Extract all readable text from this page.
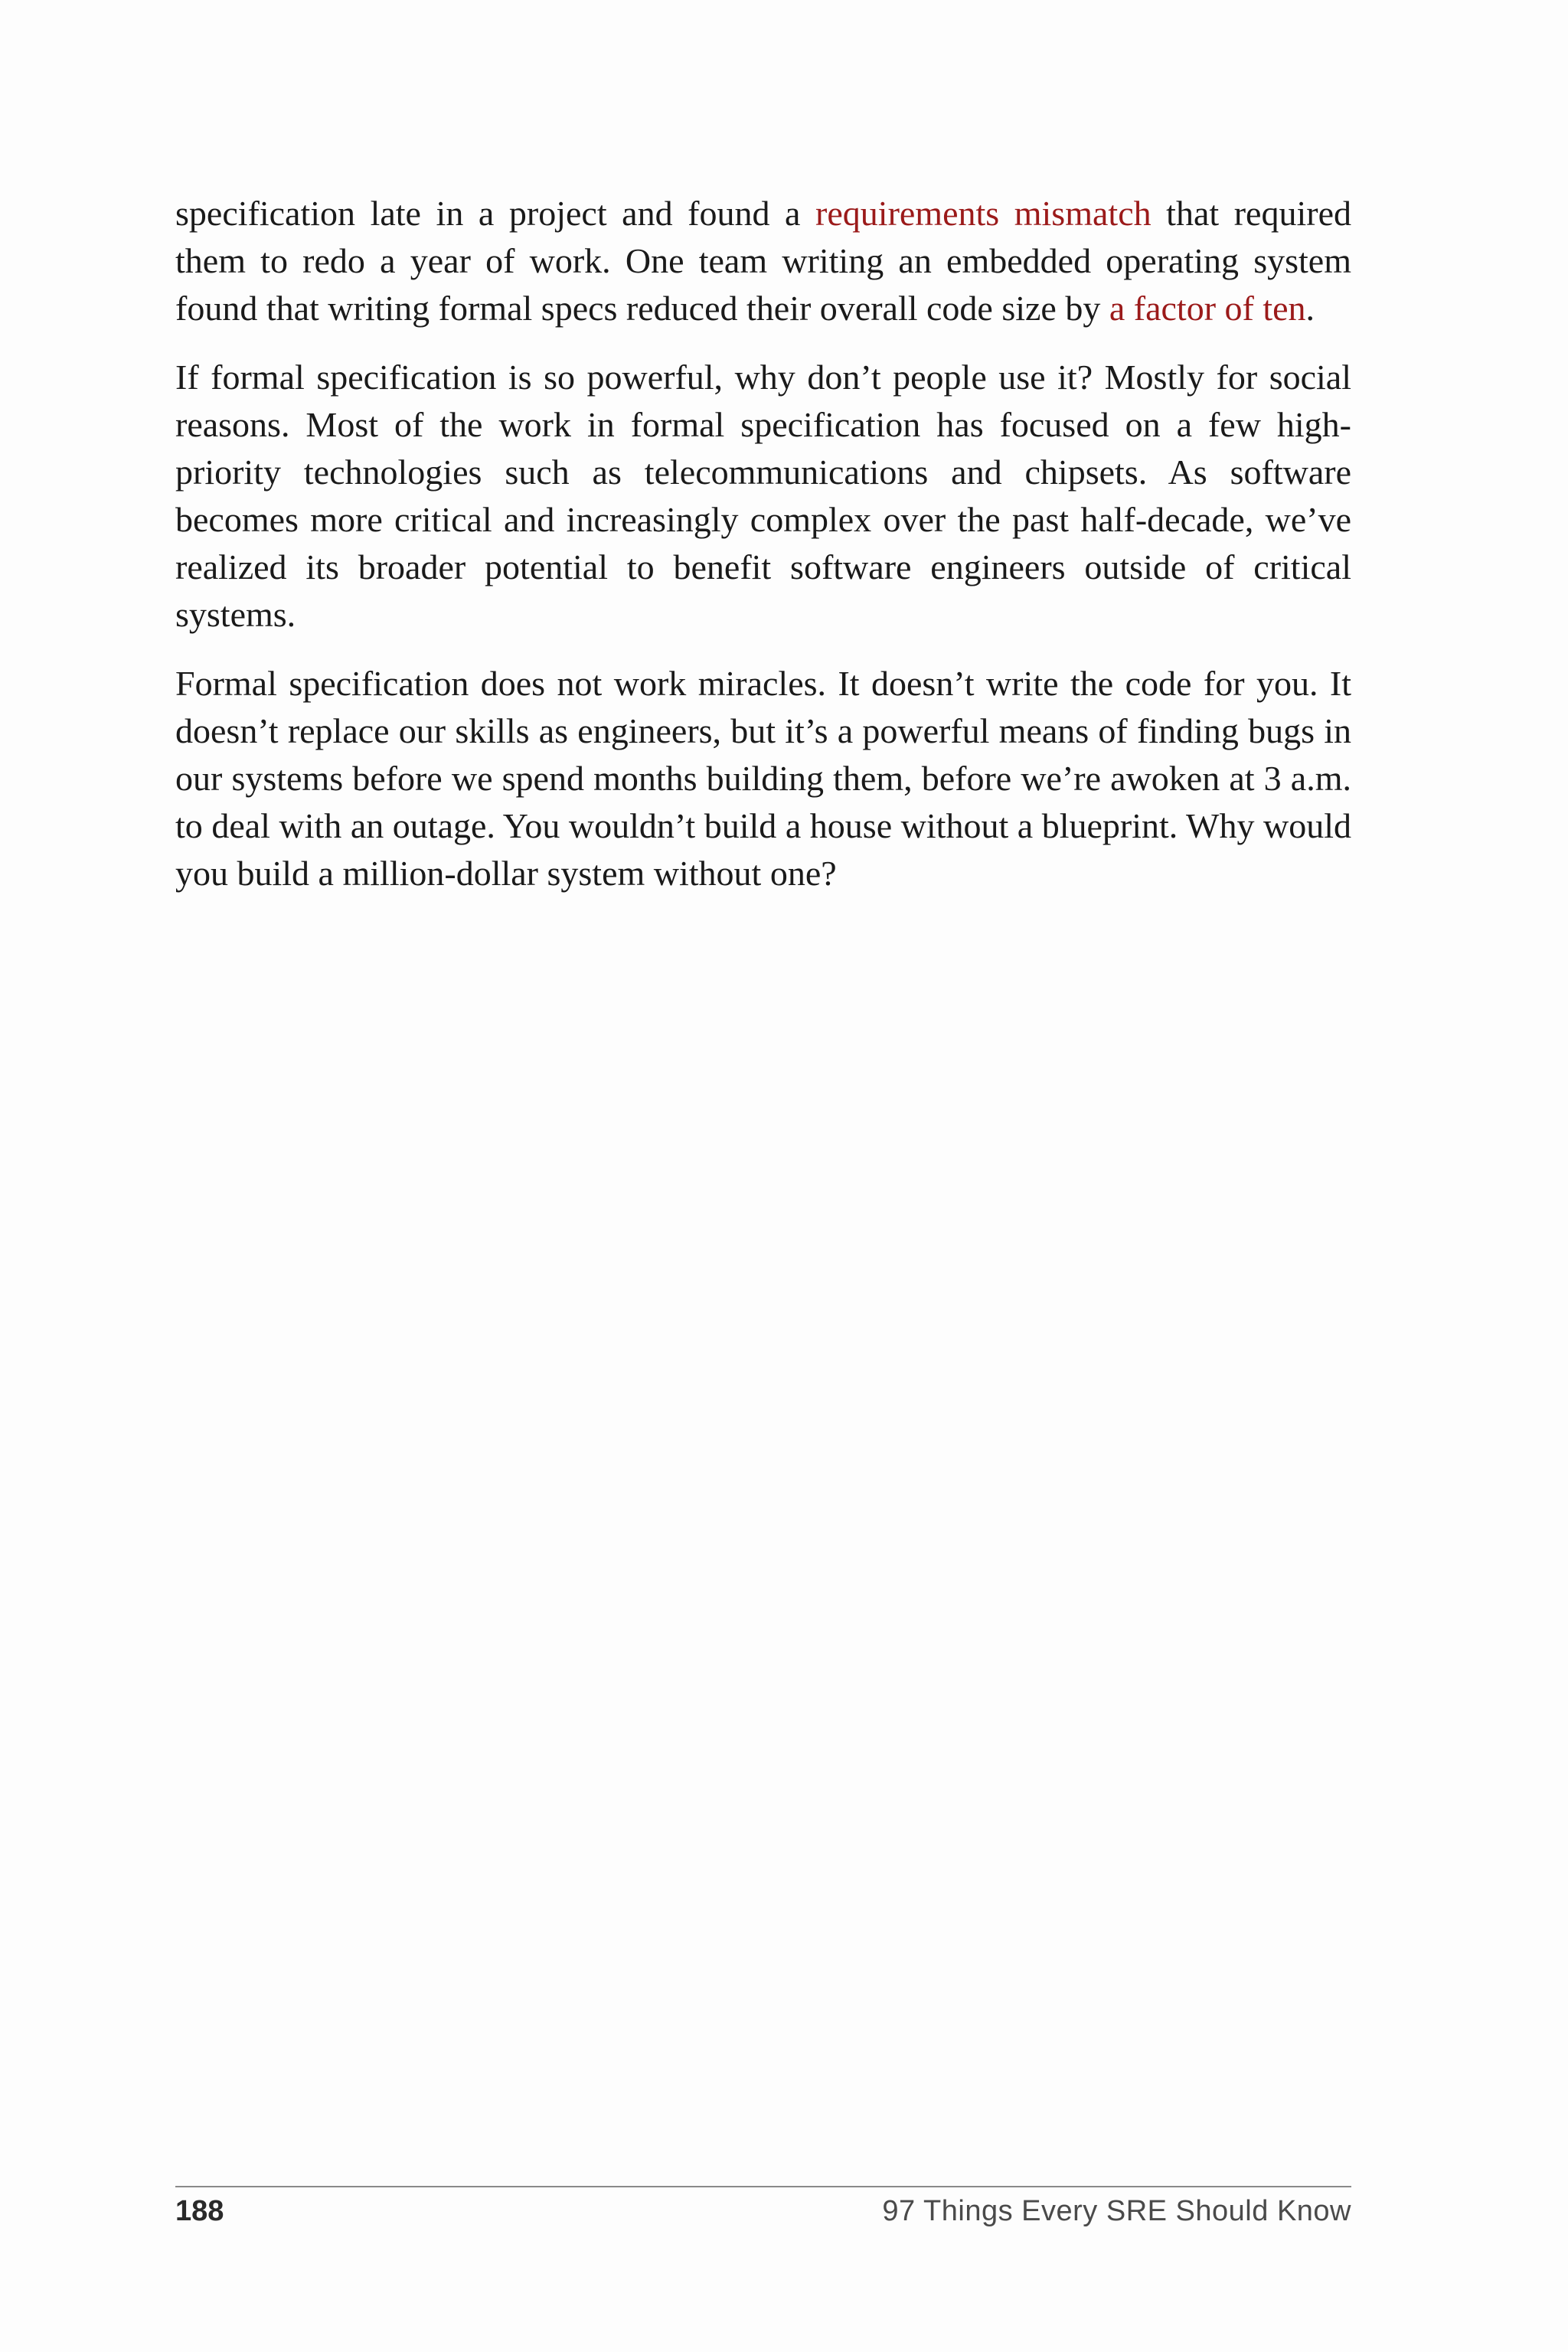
specification late in a project and found a requirements mismatch that required them to redo a year of work. One team writing an embedded operating system found that writing formal specs reduced their overall code size by a factor of ten.

If formal specification is so powerful, why don’t people use it? Mostly for social reasons. Most of the work in formal specification has focused on a few high-priority technologies such as telecommunications and chipsets. As software becomes more critical and increasingly complex over the past half-decade, we’ve realized its broader potential to benefit software engineers outside of critical systems.

Formal specification does not work miracles. It doesn’t write the code for you. It doesn’t replace our skills as engineers, but it’s a powerful means of finding bugs in our systems before we spend months building them, before we’re awoken at 3 a.m. to deal with an outage. You wouldn’t build a house without a blueprint. Why would you build a million-dollar system without one?

188	97 Things Every SRE Should Know
